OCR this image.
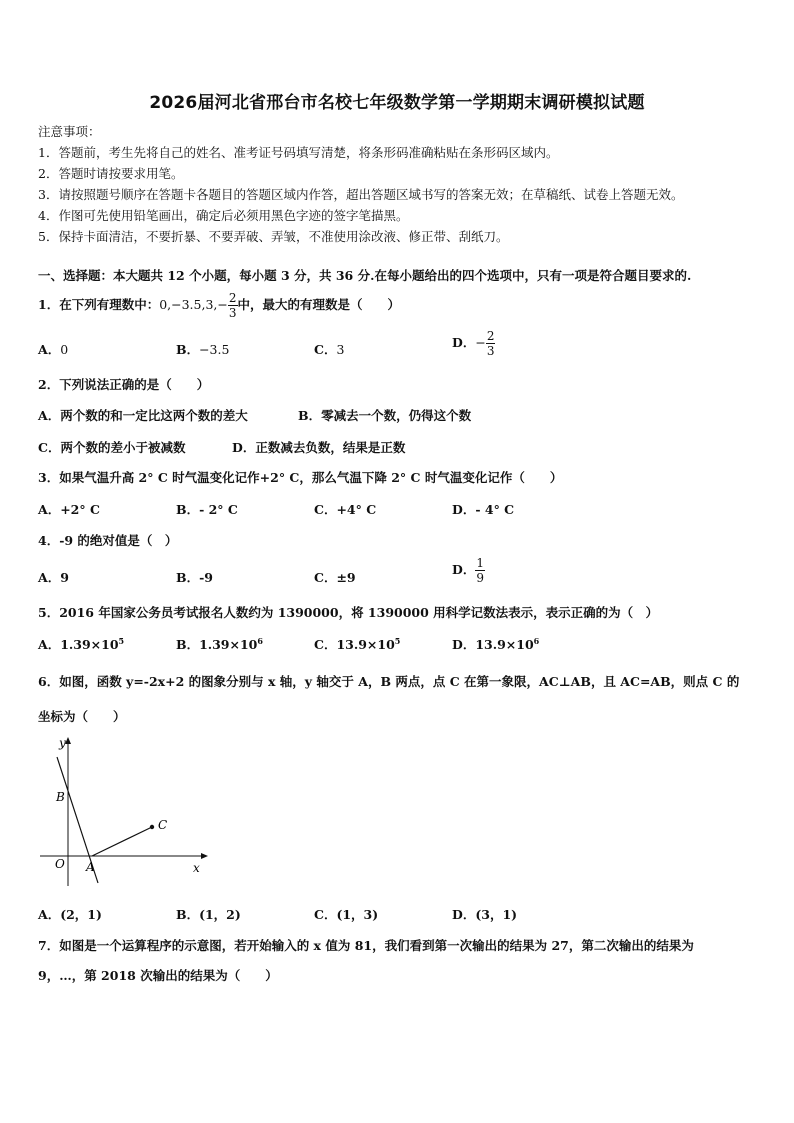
2026届河北省邢台市名校七年级数学第一学期期末调研模拟试题
注意事项：
1．答题前，考生先将自己的姓名、准考证号码填写清楚，将条形码准确粘贴在条形码区域内。
2．答题时请按要求用笔。
3．请按照题号顺序在答题卡各题目的答题区域内作答，超出答题区域书写的答案无效；在草稿纸、试卷上答题无效。
4．作图可先使用铅笔画出，确定后必须用黑色字迹的签字笔描黑。
5．保持卡面清洁，不要折暴、不要弄破、弄皱，不准使用涂改液、修正带、刮纸刀。
一、选择题：本大题共 12 个小题，每小题 3 分，共 36 分.在每小题给出的四个选项中，只有一项是符合题目要求的.
1．在下列有理数中：$0,-3.5,3,- \frac{2}{3}$ 中，最大的有理数是（　　）
A．0	B．−3.5	C．3	D．− $\frac{2}{3}$
2．下列说法正确的是（　　）
A．两个数的和一定比这两个数的差大	B．零减去一个数，仍得这个数
C．两个数的差小于被减数	D．正数减去负数，结果是正数
3．如果气温升高 2° C 时气温变化记作+2° C，那么气温下降 2° C 时气温变化记作（　　）
A．+2° C	B．- 2° C	C．+4° C	D．- 4° C
4．-9 的绝对值是（　）
A．9	B．-9	C．±9
D． $\frac{1}{9}$
5．2016 年国家公务员考试报名人数约为 1390000，将 1390000 用科学记数法表示，表示正确的为（　）
A．$1.39\times 10^5$	B．$1.39\times 10^6$	C．$13.9\times 10^5$	D．$13.9\times 10^6$
6．如图，函数 y=-2x+2 的图象分别与 x 轴，y 轴交于 A，B 两点，点 C 在第一象限，AC⊥AB，且 AC=AB，则点 C 的
坐标为（　　）
y
x
B
O A
C
A．(2，1)	B．(1，2)	C．(1，3)	D．(3，1)
7．如图是一个运算程序的示意图，若开始输入的 x 值为 81，我们看到第一次输出的结果为 27，第二次输出的结果为
9，…，第 2018 次输出的结果为（　　）
